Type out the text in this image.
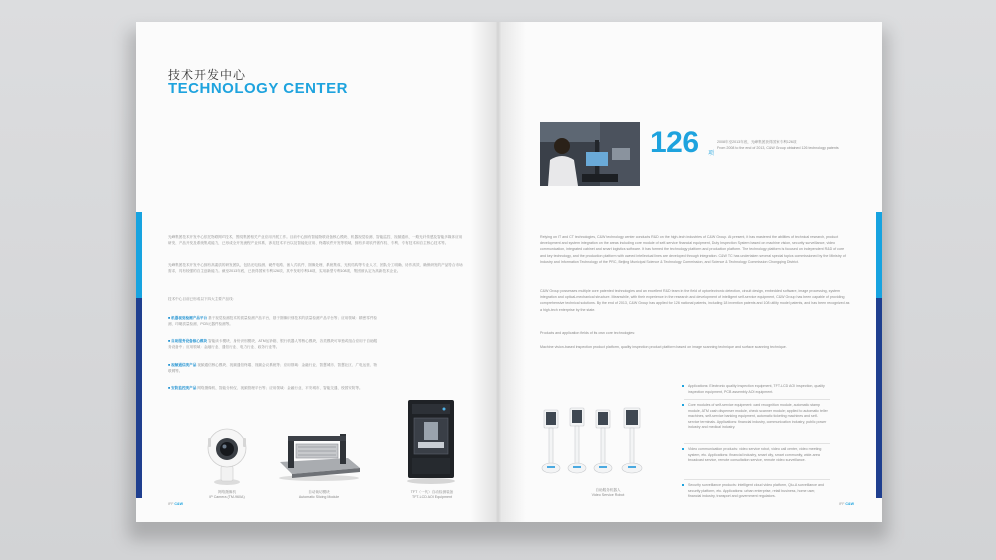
技术开发中心
TECHNOLOGY CENTER
光峰集团技术开发中心依托物联网IT技术，围绕集团相关产业应用开展工作。目前中心拥有智能物联设备核心模块、机器视觉检测、智能监控、视频通讯、一路光纤传感及智能多媒体应用研发、产品开发及系统集成能力，已形成全开发流程产业体系，涉足技术平台以及智能化应用、终端软件开发等领域，拥有多项软件著作权、专利、专有技术和自主核心技术等。
光峰集团技术开发中心拥有高素质的研发团队，包括光电检测、硬件电路、嵌入式软件、图像处理、系统集成、光机结构等专业人才，团队分工明确、协作高效，确保研发的产品符合市场需求，具有较强的自主创新能力。截至2013年底，已获得国家专利126项，其中发明专利18项，实用新型专利108项，集团被认定为高新技术企业。
技术中心目前已形成以下四大主要产品线：
■ 机器视觉检测产品平台 基于视觉检测技术的质量检测产品平台，基于图像识别技术的质量检测产品平台等；应用领域：精密零件检测、印刷质量检测、PCB元器件检测等。
■ 自助服务设备核心模块 智能读卡模块、身份识别模块、ATM运钞箱、银行机器人等核心模块，各类模块可单独或组合应用于自助服务设备中；应用领域：金融行业、通信行业、电力行业、政务行业等。
■ 视频通信类产品 视频通信核心模块、视频通信终端、视频会议系统等；应用领域：金融行业、智慧城市、智慧社区、广电运营、物联网等。
■ 安防监控类产品 网络摄像机、智能分析仪、视频管理平台等；应用领域：金融行业、平安城市、智能交通、校园安防等。
网络摄像机
IP Camera (TM-960A)
自动裁切模块
Automatic Slicing Module
TFT（一代）自动检测装备
TFT-LCD AOI Equipment
IFF C&W
126 项
2008年至2013年底，光峰集团获得国家专利126项
From 2008 to the end of 2013, C&W Group obtained 126 technology patents
Relying on IT and CT technologies, C&W technology center conducts R&D on the high-tech industries of C&W Group. At present, it has mastered the abilities of technical research, product development and system integration on the areas including core module of self-service financial equipment, Duty Inspection System based on machine vision, security surveillance, video communication, integrated cabinet and smart logistics software. It has formed the technology platform and production platform. The technology platform is focused on independent R&D of core and key technology, and the production platform with owned intellectual lines are developed through integration. C&W TC has undertaken several special topics commissioned by the Ministry of Industry and Information Technology of the PRC, Beijing Municipal Science & Technology Commission, and Science & Technology Commission Chongqing District.
C&W Group possesses multiple core patented technologies and an excellent R&D team in the field of optoelectronic detection, circuit design, embedded software, image processing, system integration and optical-mechanical structure. Meanwhile, with their experience in the research and development of intelligent self-service equipment, C&W Group has been capable of providing comprehensive technical solutions. By the end of 2013, C&W Group has applied for 126 national patents, including 18 invention patents and 108 utility model patents, and has been recognized as a high-tech enterprise by the state.
Products and application fields of its own core technologies:
Machine vision-based inspection product platform, quality inspection product platform based on image scanning technique and surface scanning technique.
自助服务机器人
Video Service Robot
Applications: Electronic quality inspection equipment, TFT-LCD AOI inspection, quality inspection equipment, PCB assembly AOI equipment.
Core modules of self-service equipment: card recognition module, automatic stamp module, ATM cash dispenser module, check scanner module; applied to automatic teller machines, self-service banking equipment, automatic ticketing machines and self-service terminals. Applications: financial industry, communication industry, public power industry and medical industry.
Video communication products: video service robot, video call center, video meeting system, etc. Applications: financial industry, smart city, smart community, wide-area broadcast service, remote consultation service, remote video surveillance.
Security surveillance products: intelligent cloud video platform, Qiu-A surveillance and security platform, etc. Applications: urban enterprise, retail business, home user, financial industry, transport and government regulators.
IFF C&W
